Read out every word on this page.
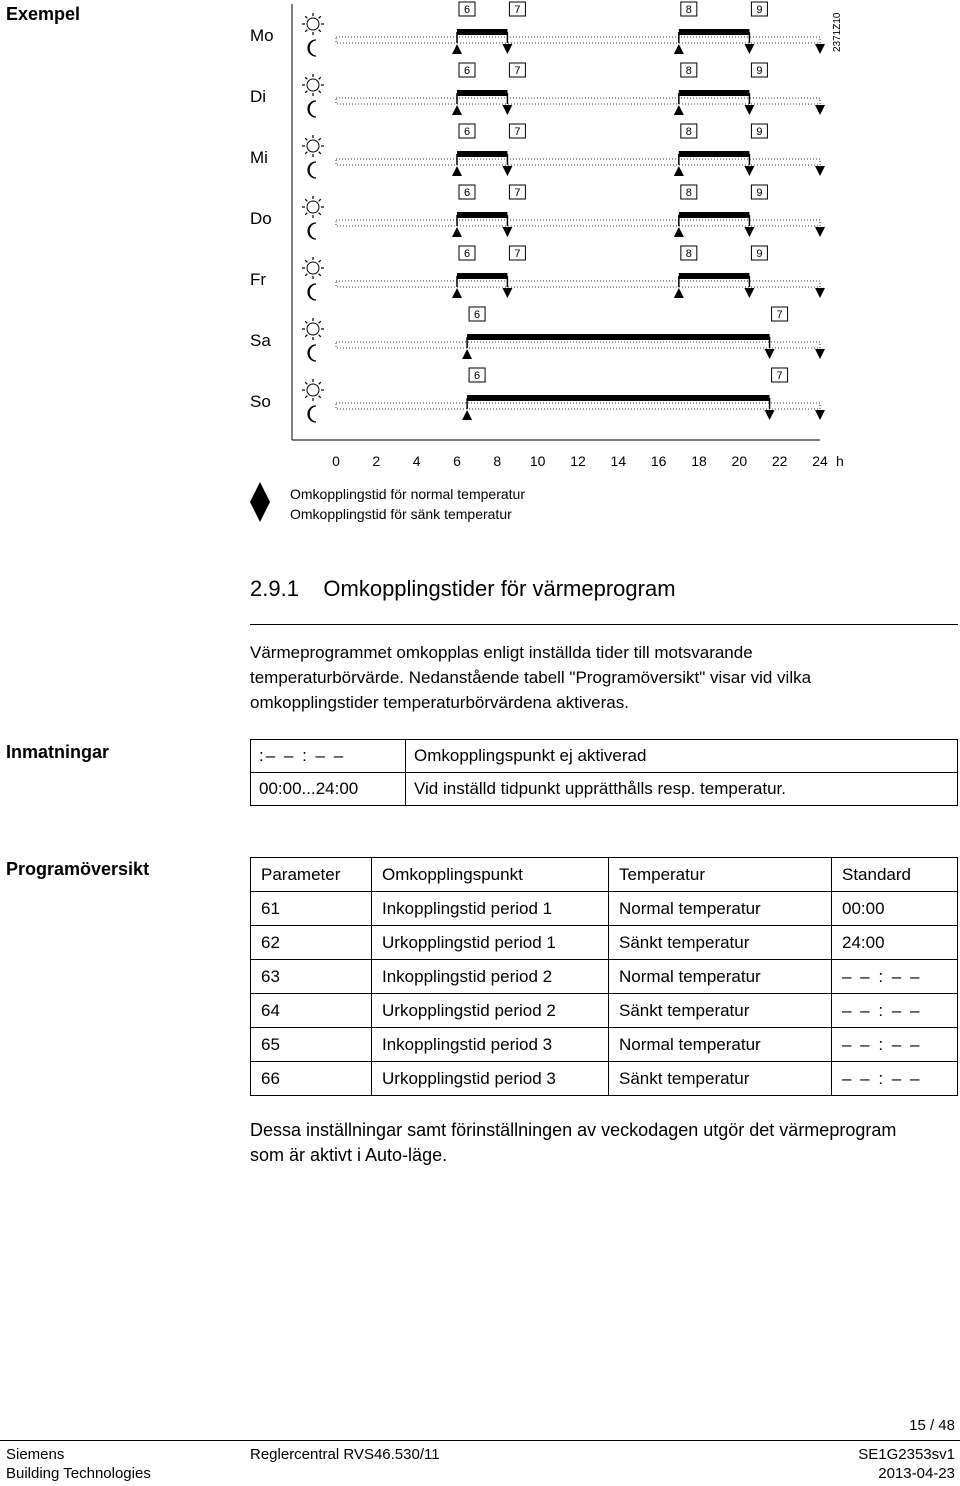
Exempel	2371Z10
Mo
6	7	8	9
Di
6	7	8	9
Mi
6	7	8	9
Do
6	7	8	9
Fr
6	7	8	9
Sa
6	7
So
6	7
0 2 4 6 8 10 12 14 16 18 20 22 24 h
Omkopplingstid för normal temperatur
Omkopplingstid för sänk temperatur
2.9.1 Omkopplingstider för värmeprogram
Värmeprogrammet omkopplas enligt inställda tider till motsvarande
temperaturbörvärde. Nedanstående tabell "Programöversikt" visar vid vilka
omkopplingstider temperaturbörvärdena aktiveras.
Inmatningar	:– – : – –	Omkopplingspunkt ej aktiverad
00:00...24:00	Vid inställd tidpunkt upprätthålls resp. temperatur.
Programöversikt	Parameter	Omkopplingspunkt	Temperatur	Standard
61	Inkopplingstid period 1	Normal temperatur	00:00
62	Urkopplingstid period 1	Sänkt temperatur	24:00
63	Inkopplingstid period 2	Normal temperatur	– – : – –
64	Urkopplingstid period 2	Sänkt temperatur	– – : – –
65	Inkopplingstid period 3	Normal temperatur	– – : – –
66	Urkopplingstid period 3	Sänkt temperatur	– – : – –
Dessa inställningar samt förinställningen av veckodagen utgör det värmeprogram
som är aktivt i Auto-läge.
15 / 48
Siemens
Building Technologies
Reglercentral RVS46.530/11	SE1G2353sv1
2013-04-23
